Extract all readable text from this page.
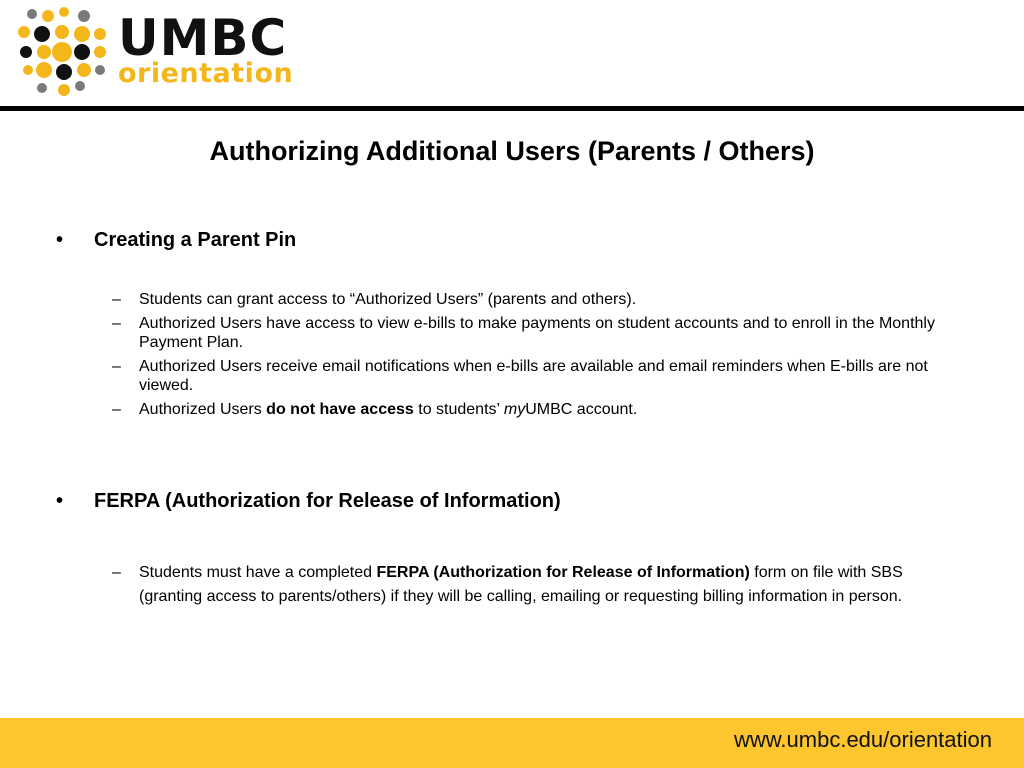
UMBC
orientation
Authorizing Additional Users (Parents / Others)
•	Creating a Parent Pin
–	Students can grant access to “Authorized Users” (parents and others).
–	Authorized Users have access to view e-bills to make payments on student accounts and to enroll in the Monthly Payment Plan.
–	Authorized Users receive email notifications when e-bills are available and email reminders when E-bills are not viewed.
–	Authorized Users do not have access to students’ myUMBC account.
•	FERPA (Authorization for Release of Information)
–	Students must have a completed FERPA (Authorization for Release of Information) form on file with SBS (granting access to parents/others) if they will be calling, emailing or requesting billing information in person.
www.umbc.edu/orientation
